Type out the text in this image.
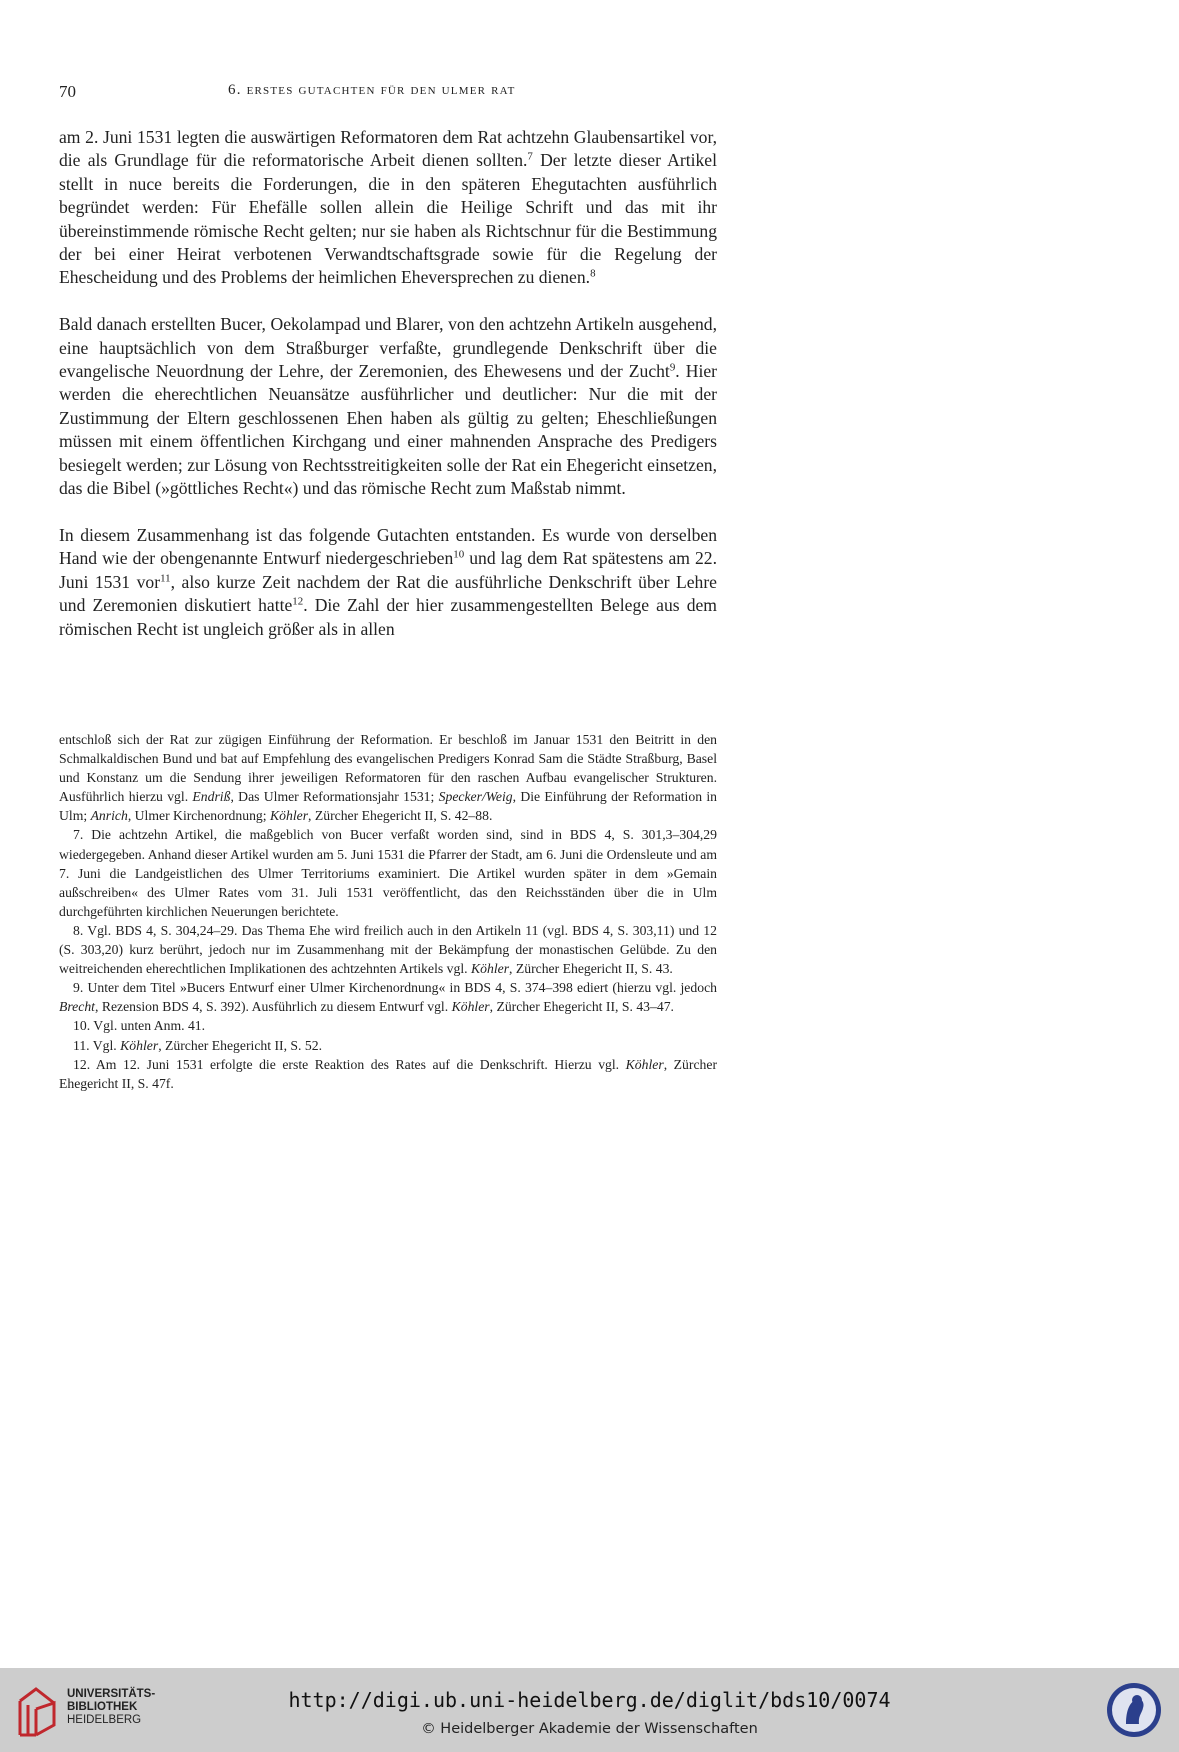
70	6. erstes gutachten für den ulmer rat

am 2. Juni 1531 legten die auswärtigen Reformatoren dem Rat achtzehn Glaubensartikel vor, die als Grundlage für die reformatorische Arbeit dienen sollten.$^7$ Der letzte dieser Artikel stellt in nuce bereits die Forderungen, die in den späteren Ehegutachten ausführlich begründet werden: Für Ehefälle sollen allein die Heilige Schrift und das mit ihr übereinstimmende römische Recht gelten; nur sie haben als Richtschnur für die Bestimmung der bei einer Heirat verbotenen Verwandtschaftsgrade sowie für die Regelung der Ehescheidung und des Problems der heimlichen Eheversprechen zu dienen.$^8$

Bald danach erstellten Bucer, Oekolampad und Blarer, von den achtzehn Artikeln ausgehend, eine hauptsächlich von dem Straßburger verfaßte, grundlegende Denkschrift über die evangelische Neuordnung der Lehre, der Zeremonien, des Ehewesens und der Zucht$^9$. Hier werden die eherechtlichen Neuansätze ausführlicher und deutlicher: Nur die mit der Zustimmung der Eltern geschlossenen Ehen haben als gültig zu gelten; Eheschließungen müssen mit einem öffentlichen Kirchgang und einer mahnenden Ansprache des Predigers besiegelt werden; zur Lösung von Rechtsstreitigkeiten solle der Rat ein Ehegericht einsetzen, das die Bibel (»göttliches Recht«) und das römische Recht zum Maßstab nimmt.

In diesem Zusammenhang ist das folgende Gutachten entstanden. Es wurde von derselben Hand wie der obengenannte Entwurf niedergeschrieben$^{10}$ und lag dem Rat spätestens am 22. Juni 1531 vor$^{11}$, also kurze Zeit nachdem der Rat die ausführliche Denkschrift über Lehre und Zeremonien diskutiert hatte$^{12}$. Die Zahl der hier zusammengestellten Belege aus dem römischen Recht ist ungleich größer als in allen

entschloß sich der Rat zur zügigen Einführung der Reformation. Er beschloß im Januar 1531 den Beitritt in den Schmalkaldischen Bund und bat auf Empfehlung des evangelischen Predigers Konrad Sam die Städte Straßburg, Basel und Konstanz um die Sendung ihrer jeweiligen Reformatoren für den raschen Aufbau evangelischer Strukturen. Ausführlich hierzu vgl. Endriß, Das Ulmer Reformationsjahr 1531; Specker/Weig, Die Einführung der Reformation in Ulm; Anrich, Ulmer Kirchenordnung; Köhler, Zürcher Ehegericht II, S. 42–88.

7. Die achtzehn Artikel, die maßgeblich von Bucer verfaßt worden sind, sind in BDS 4, S. 301,3–304,29 wiedergegeben. Anhand dieser Artikel wurden am 5. Juni 1531 die Pfarrer der Stadt, am 6. Juni die Ordensleute und am 7. Juni die Landgeistlichen des Ulmer Territoriums examiniert. Die Artikel wurden später in dem »Gemain außschreiben« des Ulmer Rates vom 31. Juli 1531 veröffentlicht, das den Reichsständen über die in Ulm durchgeführten kirchlichen Neuerungen berichtete.

8. Vgl. BDS 4, S. 304,24–29. Das Thema Ehe wird freilich auch in den Artikeln 11 (vgl. BDS 4, S. 303,11) und 12 (S. 303,20) kurz berührt, jedoch nur im Zusammenhang mit der Bekämpfung der monastischen Gelübde. Zu den weitreichenden eherechtlichen Implikationen des achtzehnten Artikels vgl. Köhler, Zürcher Ehegericht II, S. 43.

9. Unter dem Titel »Bucers Entwurf einer Ulmer Kirchenordnung« in BDS 4, S. 374–398 ediert (hierzu vgl. jedoch Brecht, Rezension BDS 4, S. 392). Ausführlich zu diesem Entwurf vgl. Köhler, Zürcher Ehegericht II, S. 43–47.

10. Vgl. unten Anm. 41.

11. Vgl. Köhler, Zürcher Ehegericht II, S. 52.

12. Am 12. Juni 1531 erfolgte die erste Reaktion des Rates auf die Denkschrift. Hierzu vgl. Köhler, Zürcher Ehegericht II, S. 47f.

UNIVERSITÄTS-
BIBLIOTHEK
HEIDELBERG
http://digi.ub.uni-heidelberg.de/diglit/bds10/0074
© Heidelberger Akademie der Wissenschaften
